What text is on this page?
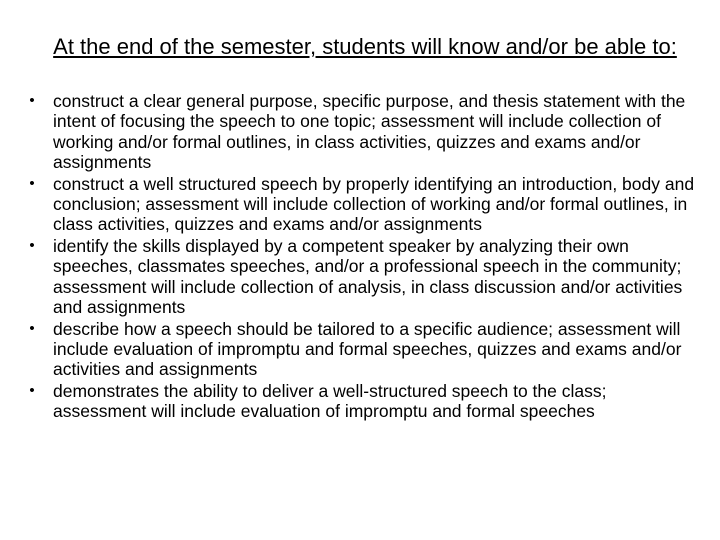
At the end of the semester, students will know and/or be able to:
• construct a clear general purpose, specific purpose, and thesis statement with the intent of focusing the speech to one topic; assessment will include collection of working and/or formal outlines, in class activities, quizzes and exams and/or assignments
• construct a well structured speech by properly identifying an introduction, body and conclusion; assessment will include collection of working and/or formal outlines, in class activities, quizzes and exams and/or assignments
• identify the skills displayed by a competent speaker by analyzing their own speeches, classmates speeches, and/or a professional speech in the community; assessment will include collection of analysis, in class discussion and/or activities and assignments
• describe how a speech should be tailored to a specific audience; assessment will include evaluation of impromptu and formal speeches, quizzes and exams and/or activities and assignments
• demonstrates the ability to deliver a well-structured speech to the class; assessment will include evaluation of impromptu and formal speeches
